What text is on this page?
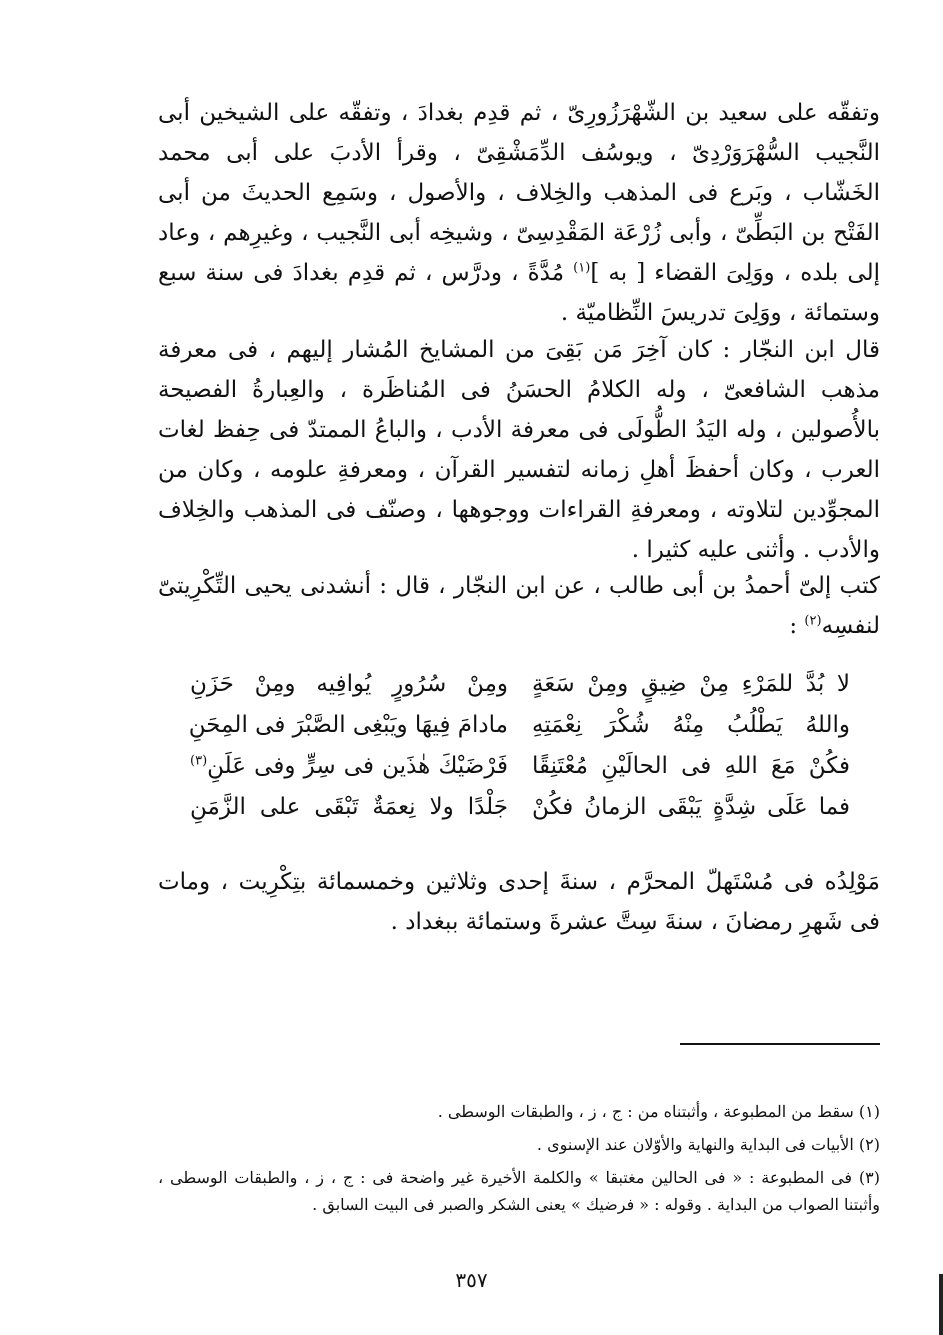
وتفقّه على سعيد بن الشّهْرَزُورِىّ ، ثم قدِم بغدادَ ، وتفقّه على الشيخين أبى النَّجيب السُّهْرَوَرْدِىّ ، ويوسُف الدِّمَشْقِىّ ، وقرأ الأدبَ على أبى محمد الخَشّاب ، وبَرع فى المذهب والخِلاف ، والأصول ، وسَمِع الحديثَ من أبى الفَتْح بن البَطِّىّ ، وأبى زُرْعَة المَقْدِسِىّ ، وشيخِه أبى النَّجيب ، وغيرِهم ، وعاد إلى بلده ، ووَلِىَ القضاء [ به ]$^{(١)}$ مُدَّةً ، ودرَّس ، ثم قدِم بغدادَ فى سنة سبع وستمائة ، ووَلِىَ تدريسَ النِّظاميّة .

قال ابن النجّار : كان آخِرَ مَن بَقِىَ من المشايخ المُشار إليهم ، فى معرفة مذهب الشافعىّ ، وله الكلامُ الحسَنُ فى المُناظَرة ، والعِبارةُ الفصيحة بالأُصولين ، وله اليَدُ الطُّولَى فى معرفة الأدب ، والباعُ الممتدّ فى حِفظ لغات العرب ، وكان أحفظَ أهلِ زمانه لتفسير القرآن ، ومعرفةِ علومه ، وكان من المجوِّدين لتلاوته ، ومعرفةِ القراءات ووجوهها ، وصنّف فى المذهب والخِلاف والأدب . وأثنى عليه كثيرا .

كتب إلىّ أحمدُ بن أبى طالب ، عن ابن النجّار ، قال : أنشدنى يحيى التِّكْرِيتىّ لنفسِه$^{(٢)}$ :

لا بُدَّ للمَرْءِ مِنْ ضِيقٍ ومِنْ سَعَةٍ
ومِنْ سُرُورٍ يُوافِيه ومِنْ حَزَنِ
واللهُ يَطْلُبُ مِنْهُ شُكْرَ نِعْمَتِهِ
مادامَ فِيهَا ويَبْغِى الصَّبْرَ فى المِحَنِ
فكُنْ مَعَ اللهِ فى الحالَيْنِ مُعْتَنِقًا
فَرْضَيْكَ هٰذَين فى سِرٍّ وفى عَلَنِ$^{(٣)}$
فما عَلَى شِدَّةٍ يَبْقَى الزمانُ فكُنْ
جَلْدًا ولا نِعمَةٌ تَبْقَى على الزَّمَنِ

مَوْلِدُه فى مُسْتَهلّ المحرَّم ، سنةَ إحدى وثلاثين وخمسمائة بتِكْرِيت ، ومات فى شَهرِ رمضانَ ، سنةَ سِتَّ عشرةَ وستمائة ببغداد .

(١) سقط من المطبوعة ، وأثبتناه من : ج ، ز ، والطبقات الوسطى .

(٢) الأبيات فى البداية والنهاية والأوّلان عند الإسنوى .

(٣) فى المطبوعة : « فى الحالين مغتبقا » والكلمة الأخيرة غير واضحة فى : ج ، ز ، والطبقات الوسطى ، وأثبتنا الصواب من البداية . وقوله : « فرضيك » يعنى الشكر والصبر فى البيت السابق .

٣٥٧
